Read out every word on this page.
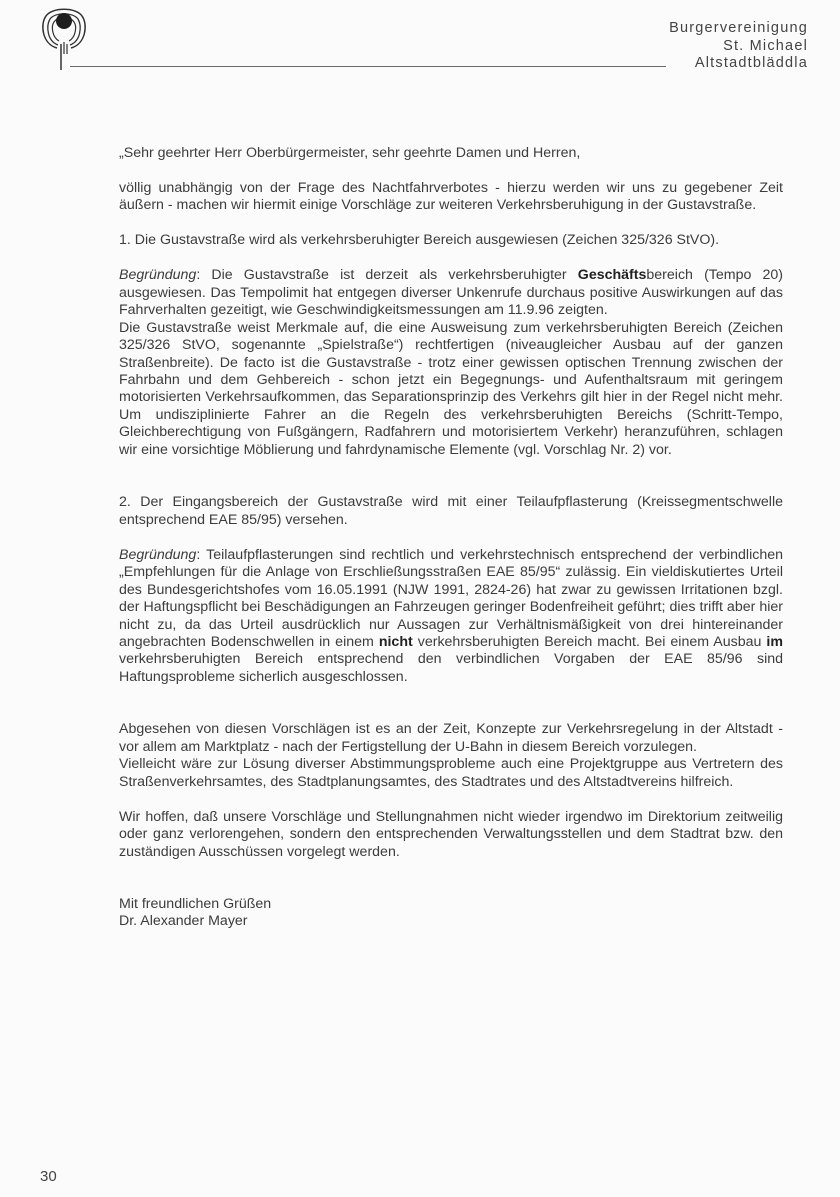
Burgervereinigung
St. Michael
Altstadtbläddla

„Sehr geehrter Herr Oberbürgermeister, sehr geehrte Damen und Herren,

völlig unabhängig von der Frage des Nachtfahrverbotes - hierzu werden wir uns zu gegebener Zeit äußern - machen wir hiermit einige Vorschläge zur weiteren Verkehrsberuhigung in der Gustavstraße.

1. Die Gustavstraße wird als verkehrsberuhigter Bereich ausgewiesen (Zeichen 325/326 StVO).

Begründung: Die Gustavstraße ist derzeit als verkehrsberuhigter Geschäftsbereich (Tempo 20) ausgewiesen. Das Tempolimit hat entgegen diverser Unkenrufe durchaus positive Auswirkungen auf das Fahrverhalten gezeitigt, wie Geschwindigkeitsmessungen am 11.9.96 zeigten.

Die Gustavstraße weist Merkmale auf, die eine Ausweisung zum verkehrsberuhigten Bereich (Zeichen 325/326 StVO, sogenannte „Spielstraße“) rechtfertigen (niveaugleicher Ausbau auf der ganzen Straßenbreite). De facto ist die Gustavstraße - trotz einer gewissen optischen Trennung zwischen der Fahrbahn und dem Gehbereich - schon jetzt ein Begegnungs- und Aufenthaltsraum mit geringem motorisierten Verkehrsaufkommen, das Separationsprinzip des Verkehrs gilt hier in der Regel nicht mehr. Um undisziplinierte Fahrer an die Regeln des verkehrsberuhigten Bereichs (Schritt-Tempo, Gleichberechtigung von Fußgängern, Radfahrern und motorisiertem Verkehr) heranzuführen, schlagen wir eine vorsichtige Möblierung und fahrdynamische Elemente (vgl. Vorschlag Nr. 2) vor.

2. Der Eingangsbereich der Gustavstraße wird mit einer Teilaufpflasterung (Kreissegmentschwelle entsprechend EAE 85/95) versehen.

Begründung: Teilaufpflasterungen sind rechtlich und verkehrstechnisch entsprechend der verbindlichen „Empfehlungen für die Anlage von Erschließungsstraßen EAE 85/95“ zulässig. Ein vieldiskutiertes Urteil des Bundesgerichtshofes vom 16.05.1991 (NJW 1991, 2824-26) hat zwar zu gewissen Irritationen bzgl. der Haftungspflicht bei Beschädigungen an Fahrzeugen geringer Bodenfreiheit geführt; dies trifft aber hier nicht zu, da das Urteil ausdrücklich nur Aussagen zur Verhältnismäßigkeit von drei hintereinander angebrachten Bodenschwellen in einem nicht verkehrsberuhigten Bereich macht. Bei einem Ausbau im verkehrsberuhigten Bereich entsprechend den verbindlichen Vorgaben der EAE 85/96 sind Haftungsprobleme sicherlich ausgeschlossen.

Abgesehen von diesen Vorschlägen ist es an der Zeit, Konzepte zur Verkehrsregelung in der Altstadt - vor allem am Marktplatz - nach der Fertigstellung der U-Bahn in diesem Bereich vorzulegen.

Vielleicht wäre zur Lösung diverser Abstimmungsprobleme auch eine Projektgruppe aus Vertretern des Straßenverkehrsamtes, des Stadtplanungsamtes, des Stadtrates und des Altstadtvereins hilfreich.

Wir hoffen, daß unsere Vorschläge und Stellungnahmen nicht wieder irgendwo im Direktorium zeitweilig oder ganz verlorengehen, sondern den entsprechenden Verwaltungsstellen und dem Stadtrat bzw. den zuständigen Ausschüssen vorgelegt werden.

Mit freundlichen Grüßen

Dr. Alexander Mayer

30
